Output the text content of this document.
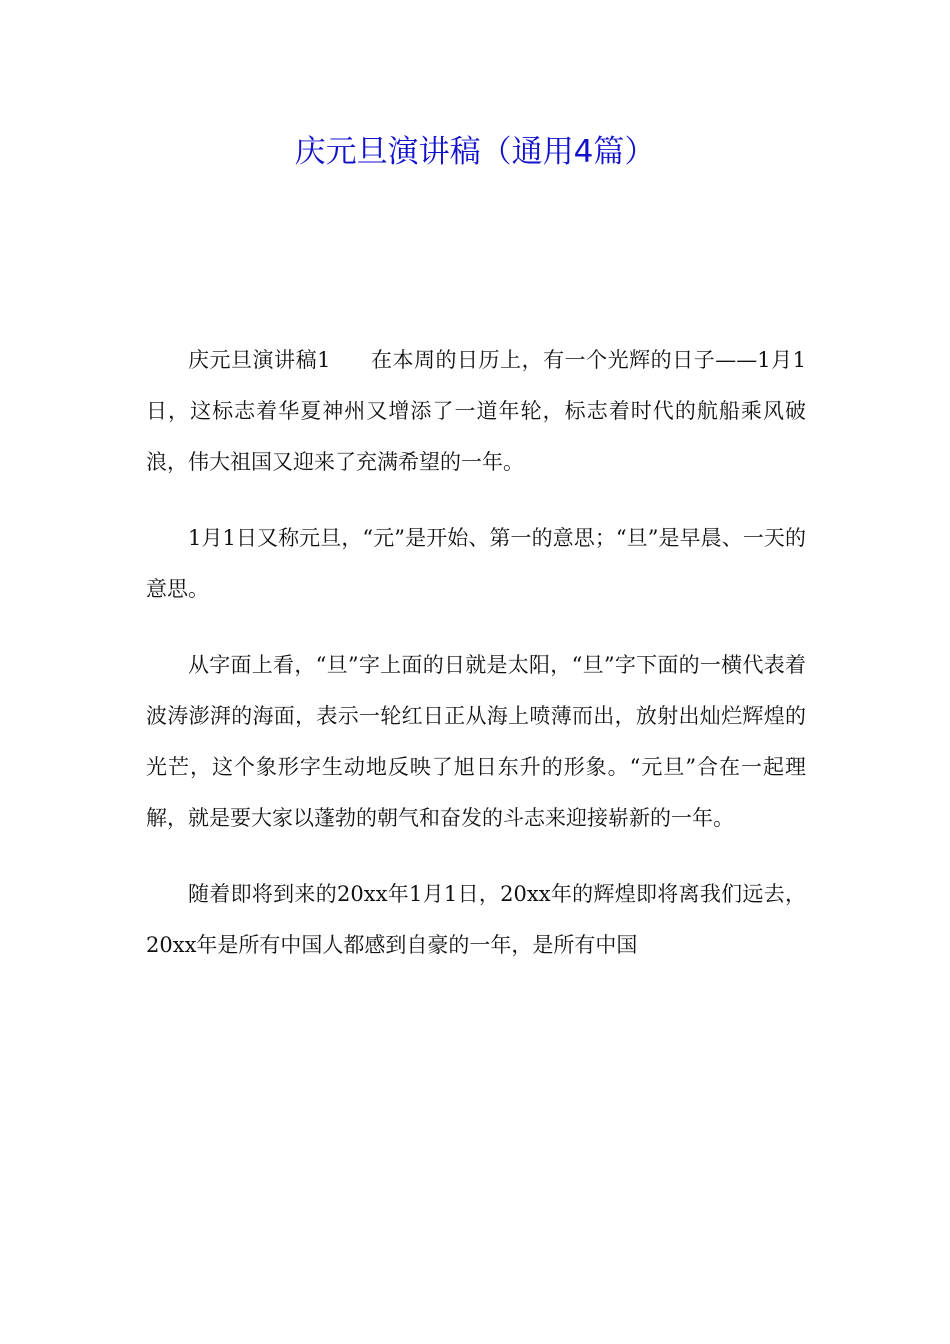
庆元旦演讲稿（通用4篇）

庆元旦演讲稿1 在本周的日历上，有一个光辉的日子——1月1日，这标志着华夏神州又增添了一道年轮，标志着时代的航船乘风破浪，伟大祖国又迎来了充满希望的一年。

1月1日又称元旦，“元”是开始、第一的意思；“旦”是早晨、一天的意思。

从字面上看，“旦”字上面的日就是太阳，“旦”字下面的一横代表着波涛澎湃的海面，表示一轮红日正从海上喷薄而出，放射出灿烂辉煌的光芒，这个象形字生动地反映了旭日东升的形象。“元旦”合在一起理解，就是要大家以蓬勃的朝气和奋发的斗志来迎接崭新的一年。

随着即将到来的20xx年1月1日，20xx年的辉煌即将离我们远去，20xx年是所有中国人都感到自豪的一年，是所有中国
